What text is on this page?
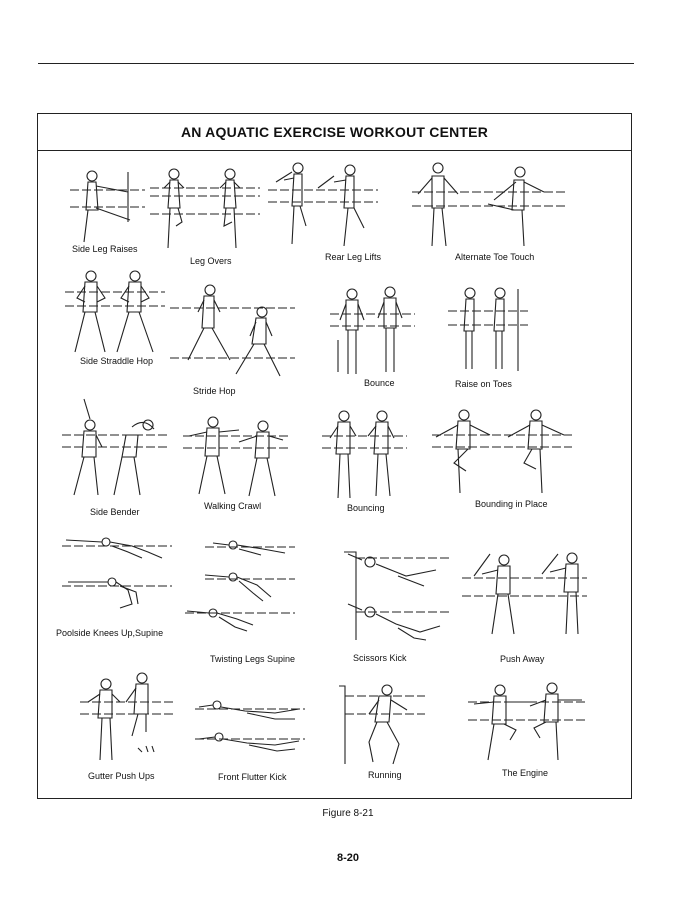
AN AQUATIC EXERCISE WORKOUT CENTER
Side Leg Raises
Leg Overs	Rear Leg Lifts	Alternate Toe Touch
Side Straddle Hop
Stride Hop
Bounce	Raise on Toes
Side Bender
Walking Crawl	Bouncing	Bounding in Place
Poolside Knees Up,Supine
Twisting Legs Supine	Scissors Kick	Push Away
Gutter Push Ups	Front Flutter Kick	Running	The Engine
Figure 8-21
8-20
